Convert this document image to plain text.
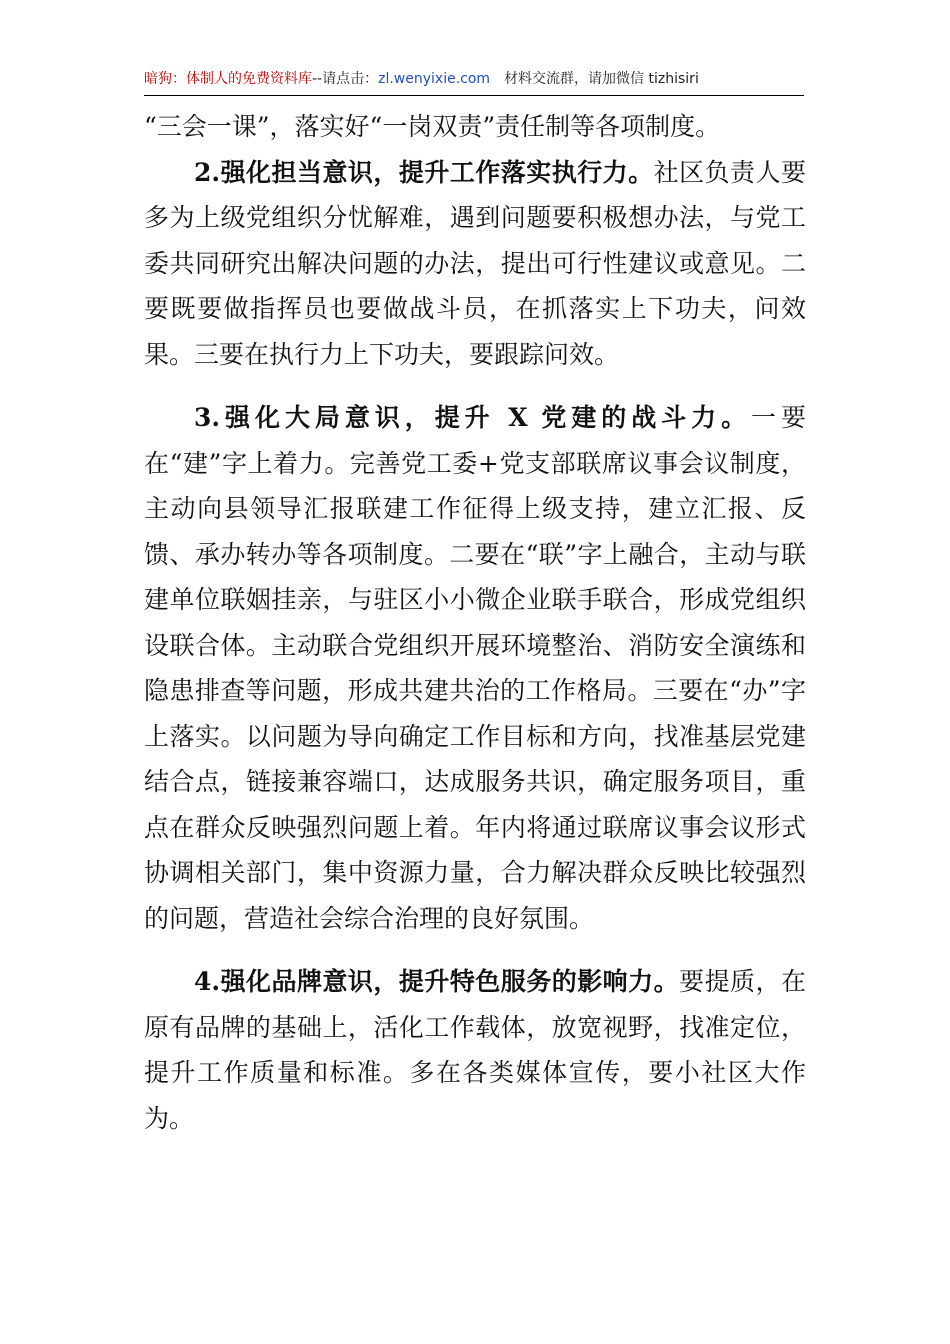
暗狗：体制人的免费资料库--请点击：zl.wenyixie.com 材料交流群，请加微信 tizhisiri

“三会一课”，落实好“一岗双责”责任制等各项制度。

2.强化担当意识，提升工作落实执行力。社区负责人要多为上级党组织分忧解难，遇到问题要积极想办法，与党工委共同研究出解决问题的办法，提出可行性建议或意见。二要既要做指挥员也要做战斗员，在抓落实上下功夫，问效果。三要在执行力上下功夫，要跟踪问效。

3.强化大局意识，提升 X 党建的战斗力。一要在“建”字上着力。完善党工委+党支部联席议事会议制度，主动向县领导汇报联建工作征得上级支持，建立汇报、反馈、承办转办等各项制度。二要在“联”字上融合，主动与联建单位联姻挂亲，与驻区小小微企业联手联合，形成党组织设联合体。主动联合党组织开展环境整治、消防安全演练和隐患排查等问题，形成共建共治的工作格局。三要在“办”字上落实。以问题为导向确定工作目标和方向，找准基层党建结合点，链接兼容端口，达成服务共识，确定服务项目，重点在群众反映强烈问题上着。年内将通过联席议事会议形式协调相关部门，集中资源力量，合力解决群众反映比较强烈的问题，营造社会综合治理的良好氛围。

4.强化品牌意识，提升特色服务的影响力。要提质，在原有品牌的基础上，活化工作载体，放宽视野，找准定位，提升工作质量和标准。多在各类媒体宣传，要小社区大作为。
